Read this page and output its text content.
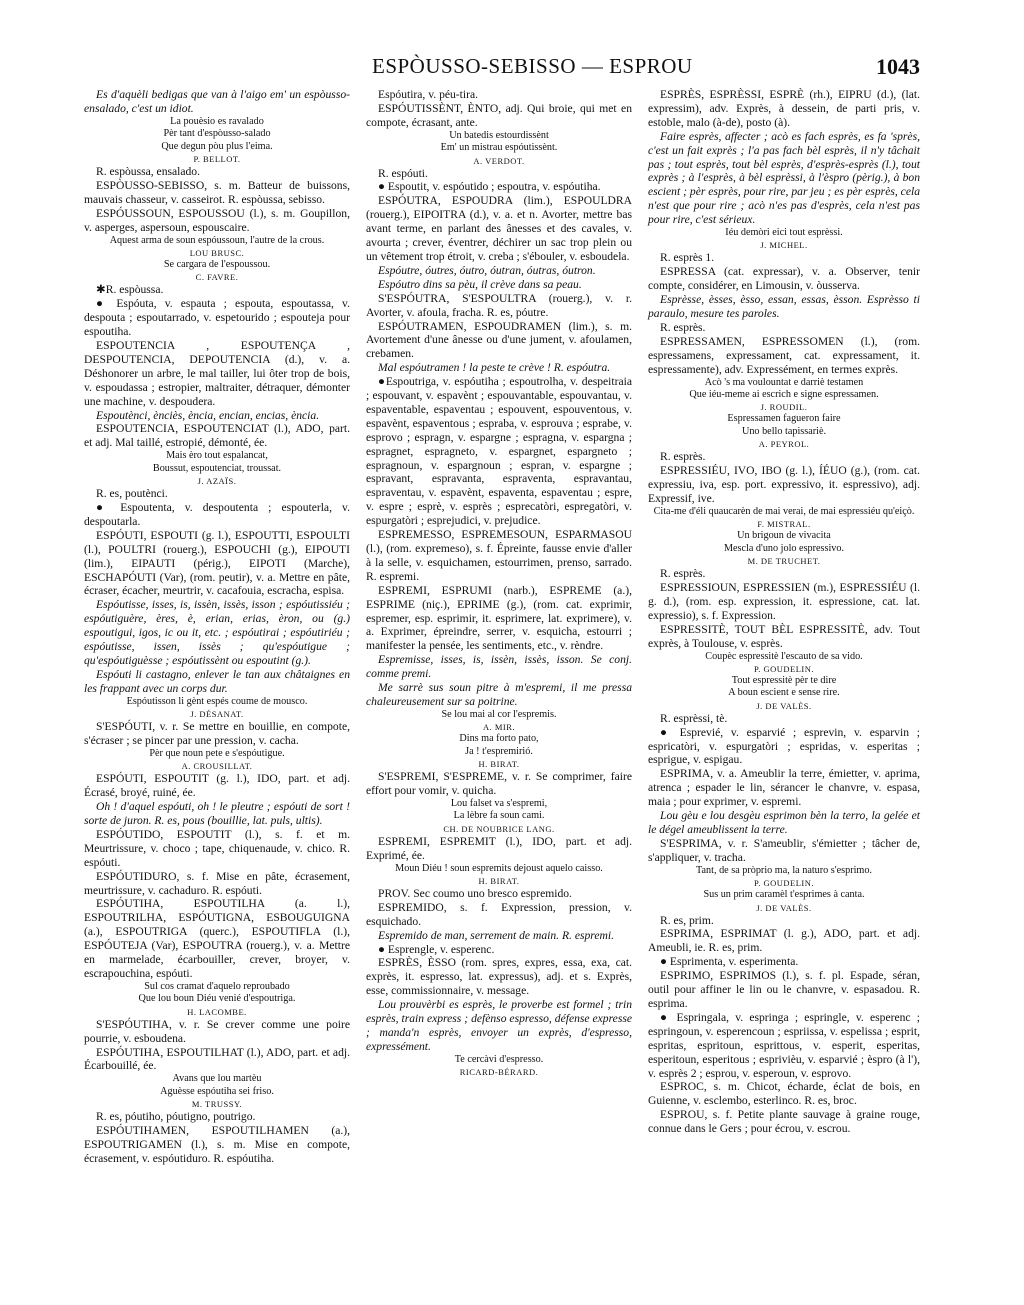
ESPÒUSSO-SEBISSO — ESPROU	1043

Es d'aquèli bedigas que van à l'aigo em' un espòusso-ensalado, c'est un idiot.

La pouèsio es ravalado

Pèr tant d'espòusso-salado

Que degun pòu plus l'eima.

P. BELLOT.

R. espòussa, ensalado.

ESPÒUSSO-SEBISSO, s. m. Batteur de buissons, mauvais chasseur, v. casseirot. R. espòussa, sebisso.

ESPÓUSSOUN, ESPOUSSOU (l.), s. m. Goupillon, v. asperges, aspersoun, espouscaire.

Aquest arma de soun espóussoun, l'autre de la crous.

LOU BRUSC.

Se cargara de l'espoussou.

C. FAVRE.

✱R. espòussa.

● Espóuta, v. espauta ; espouta, espoutassa, v. despouta ; espoutarrado, v. espetourido ; espouteja pour espoutiha.

ESPOUTENCIA , ESPOUTENÇA , DESPOUTENCIA, DEPOUTENCIA (d.), v. a. Déshonorer un arbre, le mal tailler, lui ôter trop de bois, v. espoudassa ; estropier, maltraiter, détraquer, démonter une machine, v. despoudera.

Espoutènci, ènciès, ència, encian, encias, ència.

ESPOUTENCIA, ESPOUTENCIAT (l.), ADO, part. et adj. Mal taillé, estropié, démonté, ée.

Mais èro tout espalancat,

Boussut, espoutenciat, troussat.

J. AZAÏS.

R. es, poutènci.

● Espoutenta, v. despoutenta ; espouterla, v. despoutarla.

ESPÓUTI, ESPOUTI (g. l.), ESPOUTTI, ESPOULTI (l.), POULTRI (rouerg.), ESPOUCHI (g.), EIPOUTI (lim.), EIPAUTI (périg.), EIPOTI (Marche), ESCHAPÓUTI (Var), (rom. peutir), v. a. Mettre en pâte, écraser, écacher, meurtrir, v. cacafouia, escracha, espisa.

Espóutisse, isses, is, issèn, issès, isson ; espóutissiéu ; espóutiguère, ères, è, erian, erias, èron, ou (g.) espoutigui, igos, ic ou it, etc. ; espóutirai ; espóutiriéu ; espóutisse, issen, issès ; qu'espóutigue ; qu'espóutiguèsse ; espóutissènt ou espoutint (g.).

Espóuti li castagno, enlever le tan aux châtaignes en les frappant avec un corps dur.

Espóutisson li gènt espés coume de mousco.

J. DÉSANAT.

S'ESPÓUTI, v. r. Se mettre en bouillie, en compote, s'écraser ; se pincer par une pression, v. cacha.

Pèr que noun pete e s'espóutigue.

A. CROUSILLAT.

ESPÓUTI, ESPOUTIT (g. l.), IDO, part. et adj. Écrasé, broyé, ruiné, ée.

Oh ! d'aquel espóuti, oh ! le pleutre ; espóuti de sort ! sorte de juron. R. es, pous (bouillie, lat. puls, ultis).

ESPÓUTIDO, ESPOUTIT (l.), s. f. et m. Meurtrissure, v. choco ; tape, chiquenaude, v. chico. R. espóuti.

ESPÓUTIDURO, s. f. Mise en pâte, écrasement, meurtrissure, v. cachaduro. R. espóuti.

ESPÓUTIHA, ESPOUTILHA (a. l.), ESPOUTRILHA, ESPÓUTIGNA, ESBOUGUIGNA (a.), ESPOUTRIGA (querc.), ESPOUTIFLA (l.), ESPÓUTEJA (Var), ESPOUTRA (rouerg.), v. a. Mettre en marmelade, écarbouiller, crever, broyer, v. escrapouchina, espóuti.

Sul cos cramat d'aquelo reproubado

Que lou boun Diéu venié d'espoutriga.

H. LACOMBE.

S'ESPÓUTIHA, v. r. Se crever comme une poire pourrie, v. esboudena.

ESPÓUTIHA, ESPOUTILHAT (l.), ADO, part. et adj. Écarbouillé, ée.

Avans que lou martèu

Aguèsse espóutiha sei friso.

M. TRUSSY.

R. es, póutiho, póutigno, poutrigo.

ESPÓUTIHAMEN, ESPOUTILHAMEN (a.), ESPOUTRIGAMEN (l.), s. m. Mise en compote, écrasement, v. espóutiduro. R. espóutiha.

Espóutira, v. péu-tira.

ESPÓUTISSÈNT, ÈNTO, adj. Qui broie, qui met en compote, écrasant, ante.

Un batedis estourdissènt

Em' un mistrau espóutissènt.

A. VERDOT.

R. espóuti.

● Espoutit, v. espóutido ; espoutra, v. espóutiha.

ESPÓUTRA, ESPOUDRA (lim.), ESPOULDRA (rouerg.), EIPOITRA (d.), v. a. et n. Avorter, mettre bas avant terme, en parlant des ânesses et des cavales, v. avourta ; crever, éventrer, déchirer un sac trop plein ou un vêtement trop étroit, v. creba ; s'ébouler, v. esboudela.

Espóutre, óutres, óutro, óutran, óutras, óutron.

Espóutro dins sa pèu, il crève dans sa peau.

S'ESPÓUTRA, S'ESPOULTRA (rouerg.), v. r. Avorter, v. afoula, fracha. R. es, póutre.

ESPÓUTRAMEN, ESPOUDRAMEN (lim.), s. m. Avortement d'une ânesse ou d'une jument, v. afoulamen, crebamen.

Mal espóutramen ! la peste te crève ! R. espóutra.

●Espoutriga, v. espóutiha ; espoutrolha, v. despeitraia ; espouvant, v. espavènt ; espouvantable, espouvantau, v. espaventable, espaventau ; espouvent, espouventous, v. espavènt, espaventous ; espraba, v. esprouva ; esprabe, v. esprovo ; espragn, v. espargne ; espragna, v. espargna ; espragnet, espragneto, v. espargnet, espargneto ; espragnoun, v. espargnoun ; espran, v. espargne ; espravant, espravanta, espraventa, espravantau, espraventau, v. espavènt, espaventa, espaventau ; espre, v. espre ; esprè, v. esprès ; esprecatòri, espregatòri, v. espurgatòri ; esprejudici, v. prejudice.

ESPREMESSO, ESPREMESOUN, ESPARMASOU (l.), (rom. expremeso), s. f. Épreinte, fausse envie d'aller à la selle, v. esquichamen, estourrimen, prenso, sarrado. R. espremi.

ESPREMI, ESPRUMI (narb.), ESPREME (a.), ESPRIME (niç.), EPRIME (g.), (rom. cat. exprimir, espremer, esp. esprimir, it. esprimere, lat. exprimere), v. a. Exprimer, épreindre, serrer, v. esquicha, estourri ; manifester la pensée, les sentiments, etc., v. rèndre.

Espremisse, isses, is, issèn, issès, isson. Se conj. comme premi.

Me sarrè sus soun pitre à m'espremi, il me pressa chaleureusement sur sa poitrine.

Se lou mai al cor l'espremis.

A. MIR.

Dins ma forto pato,

Ja ! t'espremirió.

H. BIRAT.

S'ESPREMI, S'ESPREME, v. r. Se comprimer, faire effort pour vomir, v. quicha.

Lou falset va s'espremi,

La lèbre fa soun cami.

CH. DE NOUBRICE LANG.

ESPREMI, ESPREMIT (l.), IDO, part. et adj. Exprimé, ée.

Moun Diéu ! soun espremits dejoust aquelo caisso.

H. BIRAT.

PROV. Sec coumo uno bresco espremido.

ESPREMIDO, s. f. Expression, pression, v. esquichado.

Espremido de man, serrement de main. R. espremi.

● Esprengle, v. esperenc.

ESPRÈS, ÈSSO (rom. spres, expres, essa, exa, cat. exprès, it. espresso, lat. expressus), adj. et s. Exprès, esse, commissionnaire, v. message.

Lou prouvèrbi es esprès, le proverbe est formel ; trin esprès, train express ; defènso espresso, défense expresse ; manda'n esprès, envoyer un exprès, d'espresso, expressément.

Te cercàvi d'espresso.

RICARD-BÉRARD.

ESPRÈS, ESPRÈSSI, ESPRÈ (rh.), EIPRU (d.), (lat. expressim), adv. Exprès, à dessein, de parti pris, v. estoble, malo (à-de), posto (à).

Faire esprès, affecter ; acò es fach esprès, es fa 'sprès, c'est un fait exprès ; l'a pas fach bèl esprès, il n'y tâchait pas ; tout esprès, tout bèl esprès, d'esprès-esprès (l.), tout exprès ; à l'esprès, à bèl esprèssi, à l'èspro (pèrig.), à bon escient ; pèr esprès, pour rire, par jeu ; es pèr esprès, cela n'est que pour rire ; acò n'es pas d'esprès, cela n'est pas pour rire, c'est sérieux.

Iéu demòri eici tout esprèssi.

J. MICHEL.

R. esprès 1.

ESPRESSA (cat. expressar), v. a. Observer, tenir compte, considérer, en Limousin, v. òusserva.

Esprèsse, èsses, èsso, essan, essas, èsson. Esprèsso ti paraulo, mesure tes paroles.

R. esprès.

ESPRESSAMEN, ESPRESSOMEN (l.), (rom. espressamens, expressament, cat. expressament, it. espressamente), adv. Expressément, en termes exprès.

Acò 's ma voulountat e darriè testamen

Que iéu-meme ai escrich e signe espressamen.

J. ROUDIL.

Espressamen fagueron faire

Uno bello tapissariè.

A. PEYROL.

R. esprès.

ESPRESSIÉU, IVO, IBO (g. l.), ÍÉUO (g.), (rom. cat. expressiu, iva, esp. port. expressivo, it. espressivo), adj. Expressif, ive.

Cita-me d'éli quaucarèn de mai verai, de mai espressiéu qu'eiçò.

F. MISTRAL.

Un brigoun de vivacita

Mescla d'uno jolo espressivo.

M. DE TRUCHET.

R. esprès.

ESPRESSIOUN, ESPRESSIEN (m.), ESPRESSIÉU (l. g. d.), (rom. esp. expression, it. espressione, cat. lat. expressio), s. f. Expression.

ESPRESSITÈ, TOUT BÈL ESPRESSITÈ, adv. Tout exprès, à Toulouse, v. esprès.

Coupèc espressitè l'escauto de sa vido.

P. GOUDELIN.

Tout espressitè pèr te dire

A boun escient e sense rire.

J. DE VALÈS.

R. esprèssi, tè.

● Esprevié, v. esparvié ; esprevin, v. esparvin ; espricatòri, v. espurgatòri ; espridas, v. esperitas ; esprigue, v. espigau.

ESPRIMA, v. a. Ameublir la terre, émietter, v. aprima, atrenca ; espader le lin, sérancer le chanvre, v. espasa, maia ; pour exprimer, v. espremi.

Lou gèu e lou desgèu esprimon bèn la terro, la gelée et le dégel ameublissent la terre.

S'ESPRIMA, v. r. S'ameublir, s'émietter ; tâcher de, s'appliquer, v. tracha.

Tant, de sa pròprio ma, la naturo s'esprimo.

P. GOUDELIN.

Sus un prim caramèl t'esprimes à canta.

J. DE VALÈS.

R. es, prim.

ESPRIMA, ESPRIMAT (l. g.), ADO, part. et adj. Ameubli, ie. R. es, prim.

● Esprimenta, v. esperimenta.

ESPRIMO, ESPRIMOS (l.), s. f. pl. Espade, séran, outil pour affiner le lin ou le chanvre, v. espasadou. R. esprima.

● Espringala, v. espringa ; espringle, v. esperenc ; espringoun, v. esperencoun ; espriissa, v. espelissa ; esprit, espritas, espritoun, esprittous, v. esperit, esperitas, esperitoun, esperitous ; esprivièu, v. esparvié ; èspro (à l'), v. esprès 2 ; esprou, v. esperoun, v. esprovo.

ESPROC, s. m. Chicot, écharde, éclat de bois, en Guienne, v. esclembo, esterlinco. R. es, broc.

ESPROU, s. f. Petite plante sauvage à graine rouge, connue dans le Gers ; pour écrou, v. escrou.
